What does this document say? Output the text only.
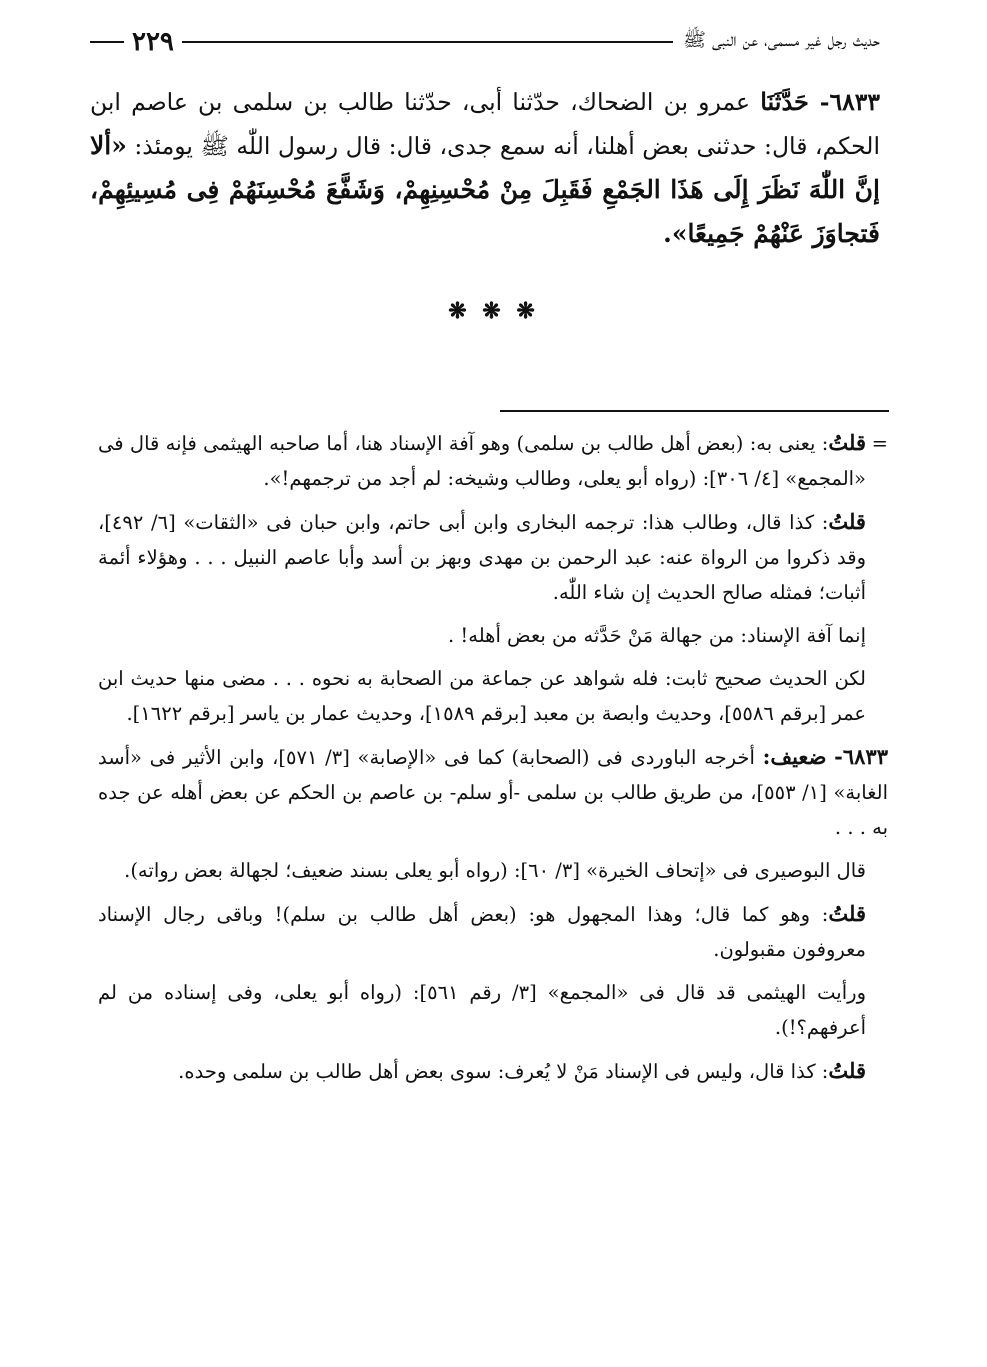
حديث رجل غير مسمى، عن النبى ﷺ
٢٢٩

٦٨٣٣- حَدَّثَنَا عمرو بن الضحاك، حدّثنا أبى، حدّثنا طالب بن سلمى بن عاصم ابن الحكم، قال: حدثنى بعض أهلنا، أنه سمع جدى، قال: قال رسول اللّٰه ﷺ يومئذ: «ألا إنَّ اللّٰهَ نَظَرَ إِلَى هَذَا الجَمْعِ فَقَبِلَ مِنْ مُحْسِنِهِمْ، وَشَفَّعَ مُحْسِنَهُمْ فِى مُسِيئِهِمْ، فَتجاوَزَ عَنْهُمْ جَمِيعًا».

❋ ❋ ❋

=قلتُ: يعنى به: (بعض أهل طالب بن سلمى) وهو آفة الإسناد هنا، أما صاحبه الهيثمى فإنه قال فى «المجمع» [٤/ ٣٠٦]: (رواه أبو يعلى، وطالب وشيخه: لم أجد من ترجمهم!».

قلتُ: كذا قال، وطالب هذا: ترجمه البخارى وابن أبى حاتم، وابن حبان فى «الثقات» [٦/ ٤٩٢]، وقد ذكروا من الرواة عنه: عبد الرحمن بن مهدى وبهز بن أسد وأبا عاصم النبيل . . . وهؤلاء أئمة أثبات؛ فمثله صالح الحديث إن شاء اللّٰه.

إنما آفة الإسناد: من جهالة مَنْ حَدَّثه من بعض أهله! .

لكن الحديث صحيح ثابت: فله شواهد عن جماعة من الصحابة به نحوه . . . مضى منها حديث ابن عمر [برقم ٥٥٨٦]، وحديث وابصة بن معبد [برقم ١٥٨٩]، وحديث عمار بن ياسر [برقم ١٦٢٢].

٦٨٣٣- ضعيف: أخرجه الباوردى فى (الصحابة) كما فى «الإصابة» [٣/ ٥٧١]، وابن الأثير فى «أسد الغابة» [١/ ٥٥٣]، من طريق طالب بن سلمى -أو سلم- بن عاصم بن الحكم عن بعض أهله عن جده به . . .

قال البوصيرى فى «إتحاف الخيرة» [٣/ ٦٠]: (رواه أبو يعلى بسند ضعيف؛ لجهالة بعض رواته).

قلتُ: وهو كما قال؛ وهذا المجهول هو: (بعض أهل طالب بن سلم)! وباقى رجال الإسناد معروفون مقبولون.

ورأيت الهيثمى قد قال فى «المجمع» [٣/ رقم ٥٦١]: (رواه أبو يعلى، وفى إسناده من لم أعرفهم؟!).

قلتُ: كذا قال، وليس فى الإسناد مَنْ لا يُعرف: سوى بعض أهل طالب بن سلمى وحده.
